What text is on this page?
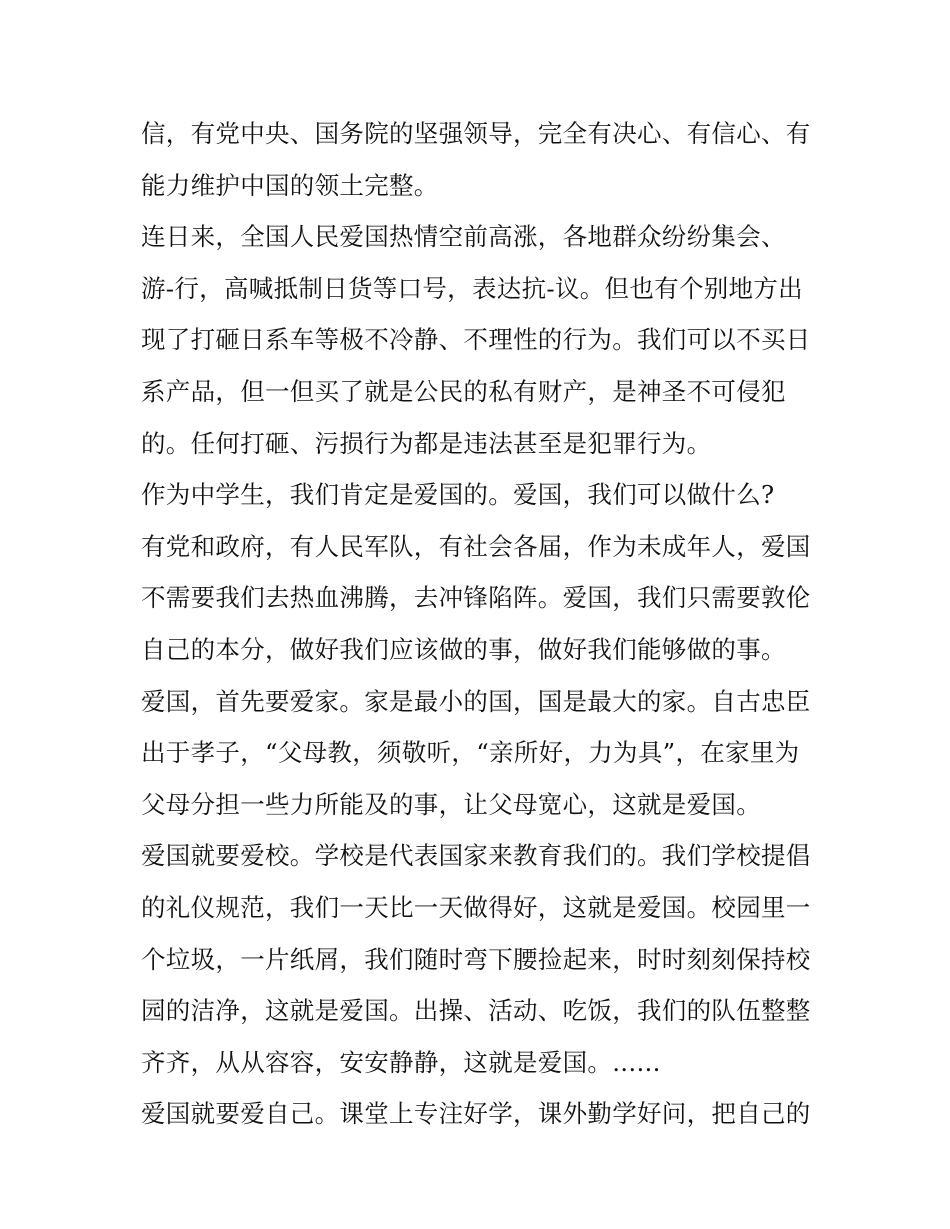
信，有党中央、国务院的坚强领导，完全有决心、有信心、有
能力维护中国的领土完整。
连日来，全国人民爱国热情空前高涨，各地群众纷纷集会、
游-行，高喊抵制日货等口号，表达抗-议。但也有个别地方出
现了打砸日系车等极不冷静、不理性的行为。我们可以不买日
系产品，但一但买了就是公民的私有财产，是神圣不可侵犯
的。任何打砸、污损行为都是违法甚至是犯罪行为。
作为中学生，我们肯定是爱国的。爱国，我们可以做什么?
有党和政府，有人民军队，有社会各届，作为未成年人，爱国
不需要我们去热血沸腾，去冲锋陷阵。爱国，我们只需要敦伦
自己的本分，做好我们应该做的事，做好我们能够做的事。
爱国，首先要爱家。家是最小的国，国是最大的家。自古忠臣
出于孝子，“父母教，须敬听，“亲所好，力为具”，在家里为
父母分担一些力所能及的事，让父母宽心，这就是爱国。
爱国就要爱校。学校是代表国家来教育我们的。我们学校提倡
的礼仪规范，我们一天比一天做得好，这就是爱国。校园里一
个垃圾，一片纸屑，我们随时弯下腰捡起来，时时刻刻保持校
园的洁净，这就是爱国。出操、活动、吃饭，我们的队伍整整
齐齐，从从容容，安安静静，这就是爱国。......
爱国就要爱自己。课堂上专注好学，课外勤学好问，把自己的
